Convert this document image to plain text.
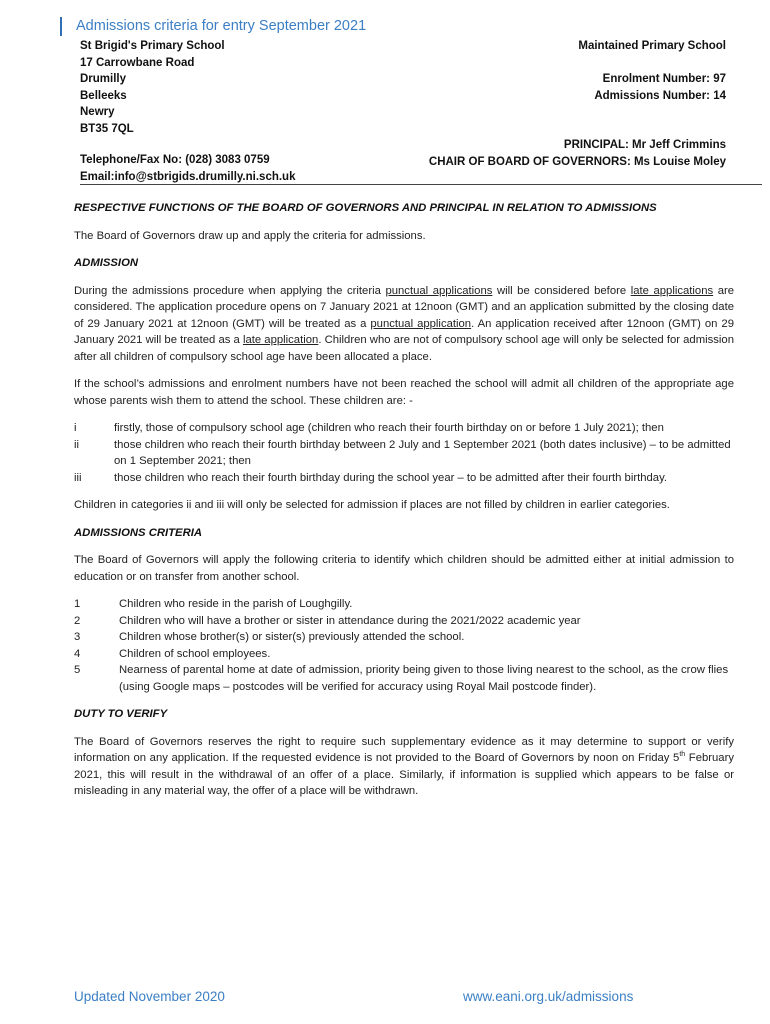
Admissions criteria for entry September 2021
St Brigid's Primary School
17 Carrowbane Road
Drumilly
Belleeks
Newry
BT35 7QL
Maintained Primary School
Enrolment Number: 97
Admissions Number: 14
Telephone/Fax No: (028) 3083 0759
Email:info@stbrigids.drumilly.ni.sch.uk
PRINCIPAL: Mr Jeff Crimmins
CHAIR OF BOARD OF GOVERNORS: Ms Louise Moley
RESPECTIVE FUNCTIONS OF THE BOARD OF GOVERNORS AND PRINCIPAL IN RELATION TO ADMISSIONS

The Board of Governors draw up and apply the criteria for admissions.

ADMISSION

During the admissions procedure when applying the criteria punctual applications will be considered before late applications are considered. The application procedure opens on 7 January 2021 at 12noon (GMT) and an application submitted by the closing date of 29 January 2021 at 12noon (GMT) will be treated as a punctual application. An application received after 12noon (GMT) on 29 January 2021 will be treated as a late application. Children who are not of compulsory school age will only be selected for admission after all children of compulsory school age have been allocated a place.

If the school’s admissions and enrolment numbers have not been reached the school will admit all children of the appropriate age whose parents wish them to attend the school. These children are: -

i	firstly, those of compulsory school age (children who reach their fourth birthday on or before 1 July 2021); then
ii	those children who reach their fourth birthday between 2 July and 1 September 2021 (both dates inclusive) – to be admitted on 1 September 2021; then
iii	those children who reach their fourth birthday during the school year – to be admitted after their fourth birthday.

Children in categories ii and iii will only be selected for admission if places are not filled by children in earlier categories.

ADMISSIONS CRITERIA

The Board of Governors will apply the following criteria to identify which children should be admitted either at initial admission to education or on transfer from another school.

1	Children who reside in the parish of Loughgilly.
2	Children who will have a brother or sister in attendance during the 2021/2022 academic year
3	Children whose brother(s) or sister(s) previously attended the school.
4	Children of school employees.
5	Nearness of parental home at date of admission, priority being given to those living nearest to the school, as the crow flies (using Google maps – postcodes will be verified for accuracy using Royal Mail postcode finder).
DUTY TO VERIFY

The Board of Governors reserves the right to require such supplementary evidence as it may determine to support or verify information on any application. If the requested evidence is not provided to the Board of Governors by noon on Friday 5th February 2021, this will result in the withdrawal of an offer of a place. Similarly, if information is supplied which appears to be false or misleading in any material way, the offer of a place will be withdrawn.

Updated November 2020	www.eani.org.uk/admissions
